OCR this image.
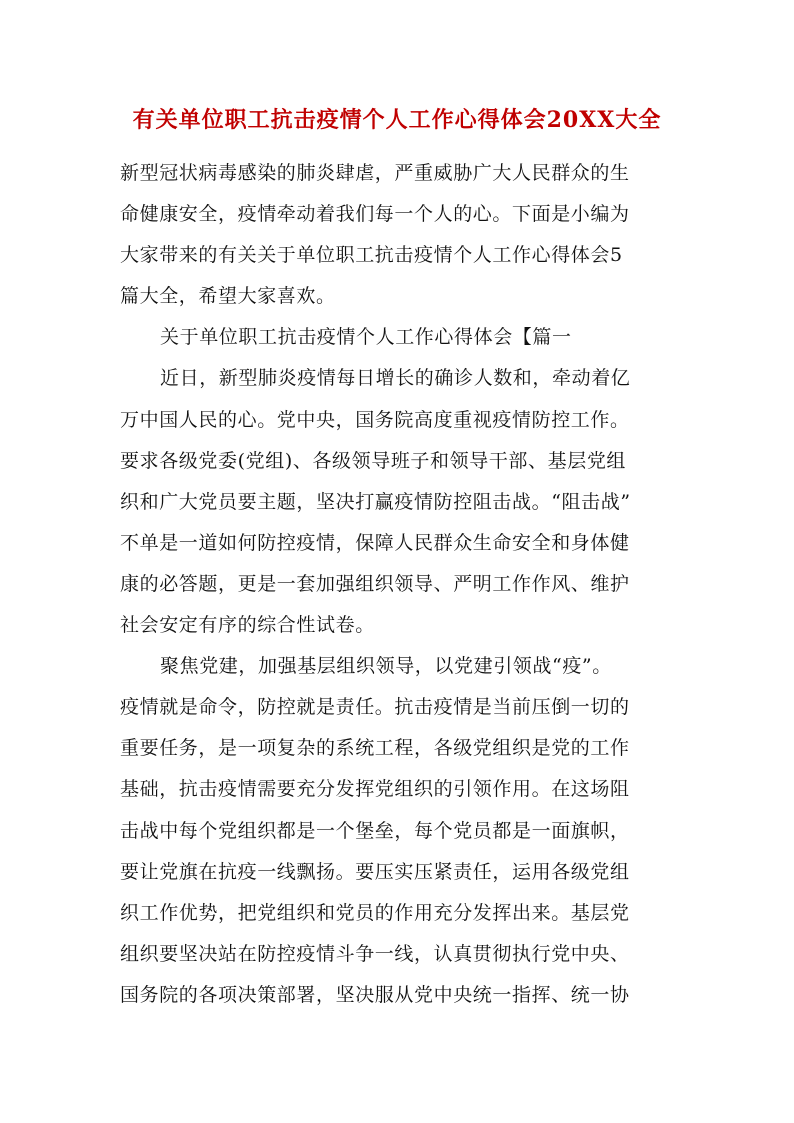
有关单位职工抗击疫情个人工作心得体会20XX大全
新型冠状病毒感染的肺炎肆虐，严重威胁广大人民群众的生
命健康安全，疫情牵动着我们每一个人的心。下面是小编为
大家带来的有关关于单位职工抗击疫情个人工作心得体会5
篇大全，希望大家喜欢。
关于单位职工抗击疫情个人工作心得体会【篇一
近日，新型肺炎疫情每日增长的确诊人数和，牵动着亿
万中国人民的心。党中央，国务院高度重视疫情防控工作。
要求各级党委(党组)、各级领导班子和领导干部、基层党组
织和广大党员要主题，坚决打赢疫情防控阻击战。“阻击战”
不单是一道如何防控疫情，保障人民群众生命安全和身体健
康的必答题，更是一套加强组织领导、严明工作作风、维护
社会安定有序的综合性试卷。
聚焦党建，加强基层组织领导，以党建引领战“疫”。
疫情就是命令，防控就是责任。抗击疫情是当前压倒一切的
重要任务，是一项复杂的系统工程，各级党组织是党的工作
基础，抗击疫情需要充分发挥党组织的引领作用。在这场阻
击战中每个党组织都是一个堡垒，每个党员都是一面旗帜，
要让党旗在抗疫一线飘扬。要压实压紧责任，运用各级党组
织工作优势，把党组织和党员的作用充分发挥出来。基层党
组织要坚决站在防控疫情斗争一线，认真贯彻执行党中央、
国务院的各项决策部署，坚决服从党中央统一指挥、统一协
